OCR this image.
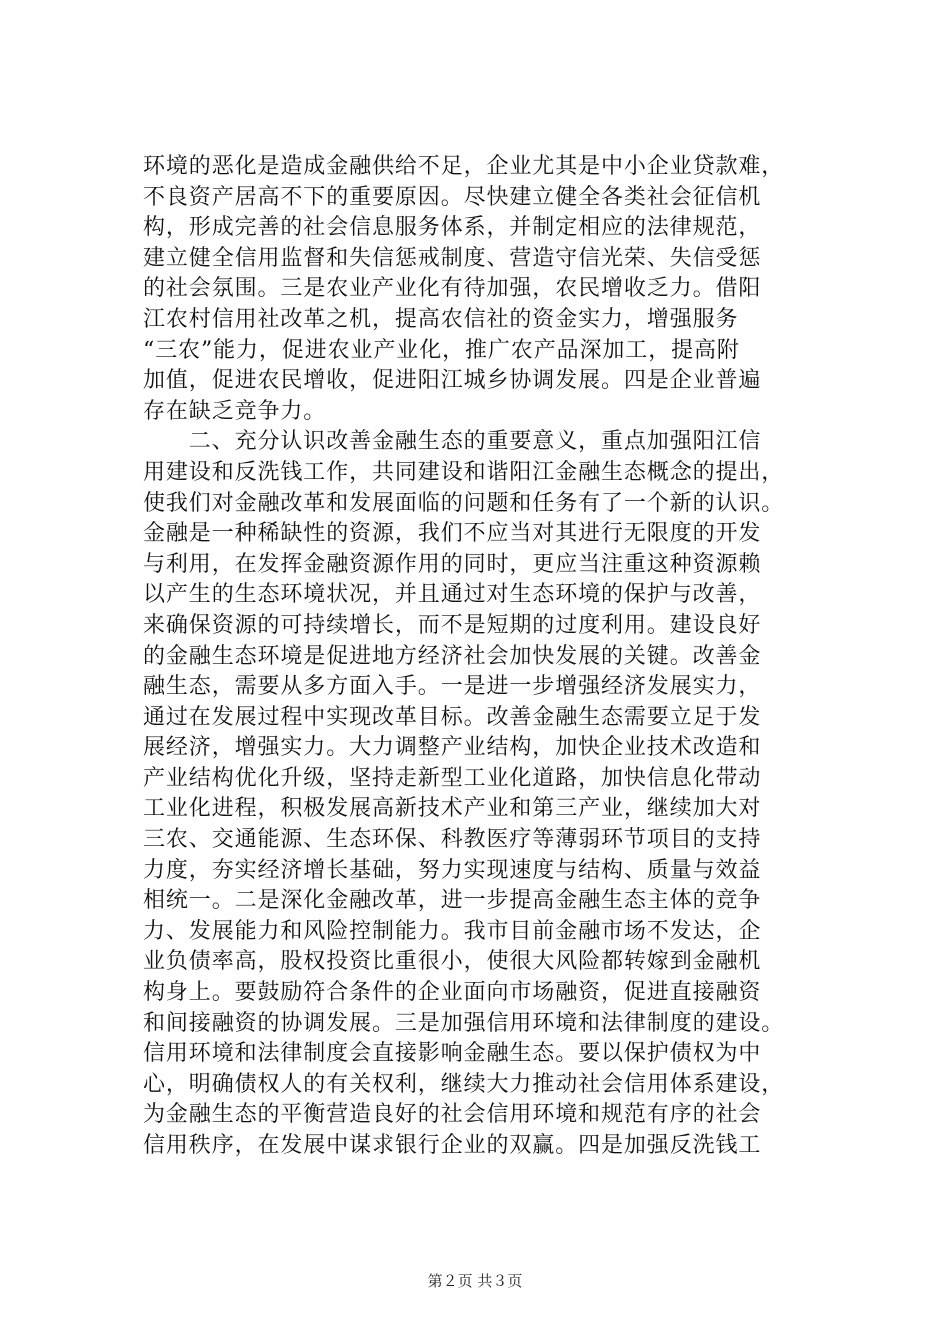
环境的恶化是造成金融供给不足，企业尤其是中小企业贷款难，
不良资产居高不下的重要原因。尽快建立健全各类社会征信机
构，形成完善的社会信息服务体系，并制定相应的法律规范，
建立健全信用监督和失信惩戒制度、营造守信光荣、失信受惩
的社会氛围。三是农业产业化有待加强，农民增收乏力。借阳
江农村信用社改革之机，提高农信社的资金实力，增强服务
“三农”能力，促进农业产业化，推广农产品深加工，提高附
加值，促进农民增收，促进阳江城乡协调发展。四是企业普遍
存在缺乏竞争力。
　　二、充分认识改善金融生态的重要意义，重点加强阳江信
用建设和反洗钱工作，共同建设和谐阳江金融生态概念的提出，
使我们对金融改革和发展面临的问题和任务有了一个新的认识。
金融是一种稀缺性的资源，我们不应当对其进行无限度的开发
与利用，在发挥金融资源作用的同时，更应当注重这种资源赖
以产生的生态环境状况，并且通过对生态环境的保护与改善，
来确保资源的可持续增长，而不是短期的过度利用。建设良好
的金融生态环境是促进地方经济社会加快发展的关键。改善金
融生态，需要从多方面入手。一是进一步增强经济发展实力，
通过在发展过程中实现改革目标。改善金融生态需要立足于发
展经济，增强实力。大力调整产业结构，加快企业技术改造和
产业结构优化升级，坚持走新型工业化道路，加快信息化带动
工业化进程，积极发展高新技术产业和第三产业，继续加大对
三农、交通能源、生态环保、科教医疗等薄弱环节项目的支持
力度，夯实经济增长基础，努力实现速度与结构、质量与效益
相统一。二是深化金融改革，进一步提高金融生态主体的竞争
力、发展能力和风险控制能力。我市目前金融市场不发达，企
业负债率高，股权投资比重很小，使很大风险都转嫁到金融机
构身上。要鼓励符合条件的企业面向市场融资，促进直接融资
和间接融资的协调发展。三是加强信用环境和法律制度的建设。
信用环境和法律制度会直接影响金融生态。要以保护债权为中
心，明确债权人的有关权利，继续大力推动社会信用体系建设，
为金融生态的平衡营造良好的社会信用环境和规范有序的社会
信用秩序，在发展中谋求银行企业的双赢。四是加强反洗钱工
第２页 共３页
